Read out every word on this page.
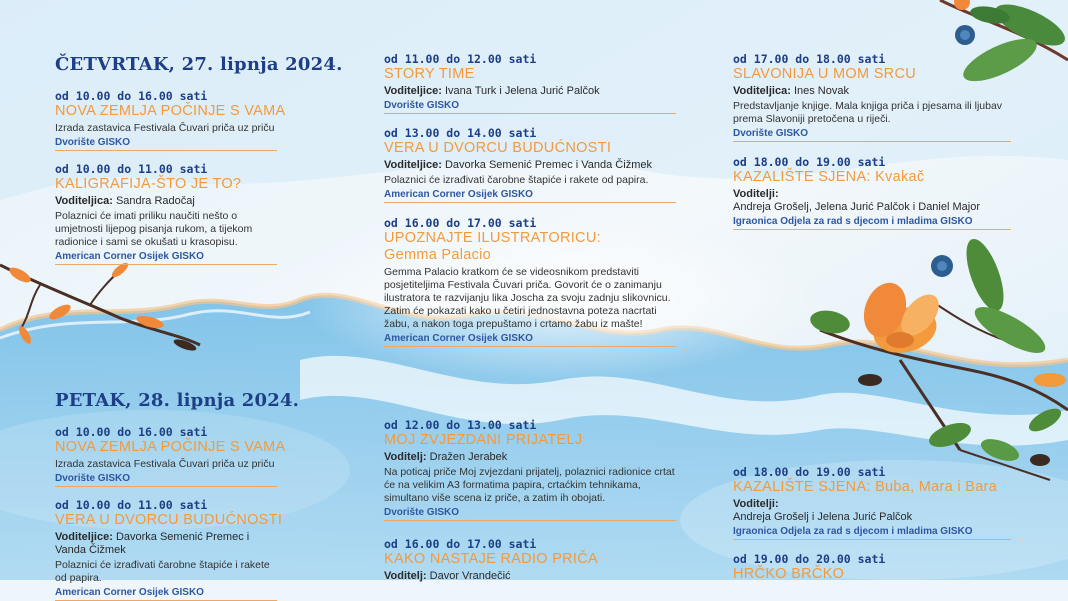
ČETVRTAK, 27. lipnja 2024.
PETAK, 28. lipnja 2024.
od 10.00 do 16.00 sati
NOVA ZEMLJA POČINJE S VAMA
Izrada zastavica Festivala Čuvari priča uz priču
Dvorište GISKO
od 10.00 do 11.00 sati
KALIGRAFIJA-ŠTO JE TO?
Voditeljica: Sandra Radočaj
Polaznici će imati priliku naučiti nešto o umjetnosti lijepog pisanja rukom, a tijekom radionice i sami se okušati u krasopisu.
American Corner Osijek GISKO
od 11.00 do 12.00 sati
STORY TIME
Voditeljice: Ivana Turk i Jelena Jurić Palčok
Dvorište GISKO
od 13.00 do 14.00 sati
VERA U DVORCU BUDUĆNOSTI
Voditeljice: Davorka Semenić Premec i Vanda Čižmek
Polaznici će izrađivati čarobne štapiće i rakete od papira.
American Corner Osijek GISKO
od 16.00 do 17.00 sati
UPOZNAJTE ILUSTRATORICU: Gemma Palacio
Gemma Palacio kratkom će se videosnikom predstaviti posjetiteljima Festivala Čuvari priča. Govorit će o zanimanju ilustratora te razvijanju lika Joscha za svoju zadnju slikovnicu. Zatim će pokazati kako u četiri jednostavna poteza nacrtati žabu, a nakon toga prepuštamo i crtamo žabu iz mašte!
American Corner Osijek GISKO
od 17.00 do 18.00 sati
SLAVONIJA U MOM SRCU
Voditeljica: Ines Novak
Predstavljanje knjige. Mala knjiga priča i pjesama ili ljubav prema Slavoniji pretočena u riječi.
Dvorište GISKO
od 18.00 do 19.00 sati
KAZALIŠTE SJENA: Kvakač
Voditelji:
Andreja Grošelj, Jelena Jurić Palčok i Daniel Major
Igraonica Odjela za rad s djecom i mladima GISKO
od 10.00 do 16.00 sati
NOVA ZEMLJA POČINJE S VAMA
Izrada zastavica Festivala Čuvari priča uz priču
Dvorište GISKO
od 10.00 do 11.00 sati
VERA U DVORCU BUDUĆNOSTI
Voditeljice: Davorka Semenić Premec i Vanda Čižmek
Polaznici će izrađivati čarobne štapiće i rakete od papira.
American Corner Osijek GISKO
od 12.00 do 13.00 sati
MOJ ZVJEZDANI PRIJATELJ
Voditelj: Dražen Jerabek
Na poticaj priče Moj zvjezdani prijatelj, polaznici radionice crtat će na velikim A3 formatima papira, crtaćkim tehnikama, simultano više scena iz priče, a zatim ih obojati.
Dvorište GISKO
od 16.00 do 17.00 sati
KAKO NASTAJE RADIO PRIČA
Voditelj: Davor Vrandečić
od 18.00 do 19.00 sati
KAZALIŠTE SJENA: Buba, Mara i Bara
Voditelji:
Andreja Grošelj i Jelena Jurić Palčok
Igraonica Odjela za rad s djecom i mladima GISKO
od 19.00 do 20.00 sati
HRČKO BRČKO
